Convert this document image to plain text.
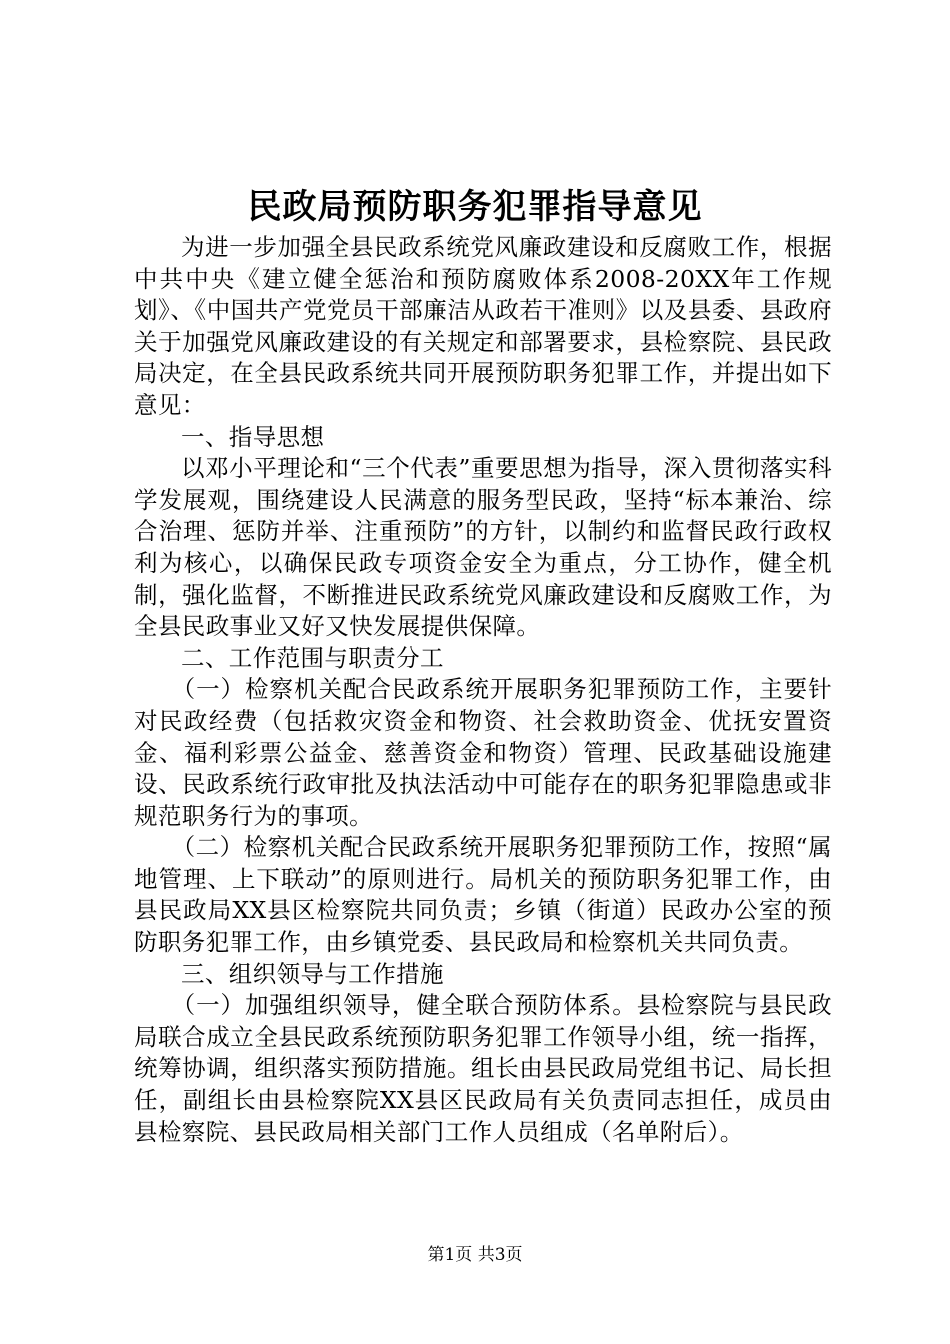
民政局预防职务犯罪指导意见

为进一步加强全县民政系统党风廉政建设和反腐败工作，根据中共中央《建立健全惩治和预防腐败体系2008-20XX年工作规划》、《中国共产党党员干部廉洁从政若干准则》以及县委、县政府关于加强党风廉政建设的有关规定和部署要求，县检察院、县民政局决定，在全县民政系统共同开展预防职务犯罪工作，并提出如下意见：

一、指导思想

以邓小平理论和“三个代表”重要思想为指导，深入贯彻落实科学发展观，围绕建设人民满意的服务型民政，坚持“标本兼治、综合治理、惩防并举、注重预防”的方针，以制约和监督民政行政权利为核心，以确保民政专项资金安全为重点，分工协作，健全机制，强化监督，不断推进民政系统党风廉政建设和反腐败工作，为全县民政事业又好又快发展提供保障。

二、工作范围与职责分工

（一）检察机关配合民政系统开展职务犯罪预防工作，主要针对民政经费（包括救灾资金和物资、社会救助资金、优抚安置资金、福利彩票公益金、慈善资金和物资）管理、民政基础设施建设、民政系统行政审批及执法活动中可能存在的职务犯罪隐患或非规范职务行为的事项。

（二）检察机关配合民政系统开展职务犯罪预防工作，按照“属地管理、上下联动”的原则进行。局机关的预防职务犯罪工作，由县民政局XX县区检察院共同负责；乡镇（街道）民政办公室的预防职务犯罪工作，由乡镇党委、县民政局和检察机关共同负责。

三、组织领导与工作措施

（一）加强组织领导，健全联合预防体系。县检察院与县民政局联合成立全县民政系统预防职务犯罪工作领导小组，统一指挥，统筹协调，组织落实预防措施。组长由县民政局党组书记、局长担任，副组长由县检察院XX县区民政局有关负责同志担任，成员由县检察院、县民政局相关部门工作人员组成（名单附后）。

第1页 共3页
